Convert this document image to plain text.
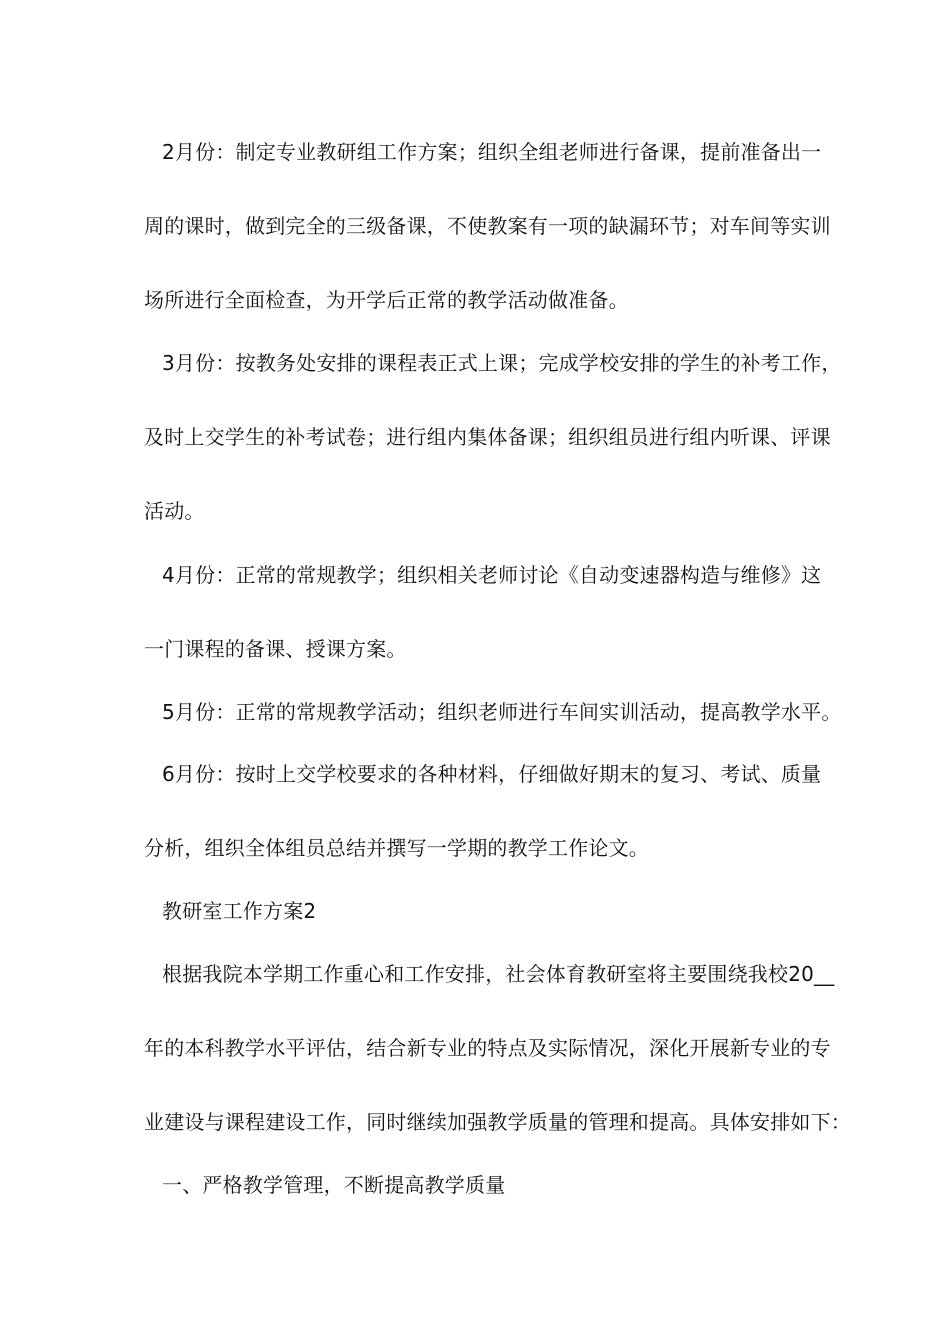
2月份：制定专业教研组工作方案；组织全组老师进行备课，提前准备出一
周的课时，做到完全的三级备课，不使教案有一项的缺漏环节；对车间等实训
场所进行全面检查，为开学后正常的教学活动做准备。
3月份：按教务处安排的课程表正式上课；完成学校安排的学生的补考工作，
及时上交学生的补考试卷；进行组内集体备课；组织组员进行组内听课、评课
活动。
4月份：正常的常规教学；组织相关老师讨论《自动变速器构造与维修》这
一门课程的备课、授课方案。
5月份：正常的常规教学活动；组织老师进行车间实训活动，提高教学水平。
6月份：按时上交学校要求的各种材料，仔细做好期末的复习、考试、质量
分析，组织全体组员总结并撰写一学期的教学工作论文。
教研室工作方案2
根据我院本学期工作重心和工作安排，社会体育教研室将主要围绕我校20__
年的本科教学水平评估，结合新专业的特点及实际情况，深化开展新专业的专
业建设与课程建设工作，同时继续加强教学质量的管理和提高。具体安排如下：
一、严格教学管理，不断提高教学质量
